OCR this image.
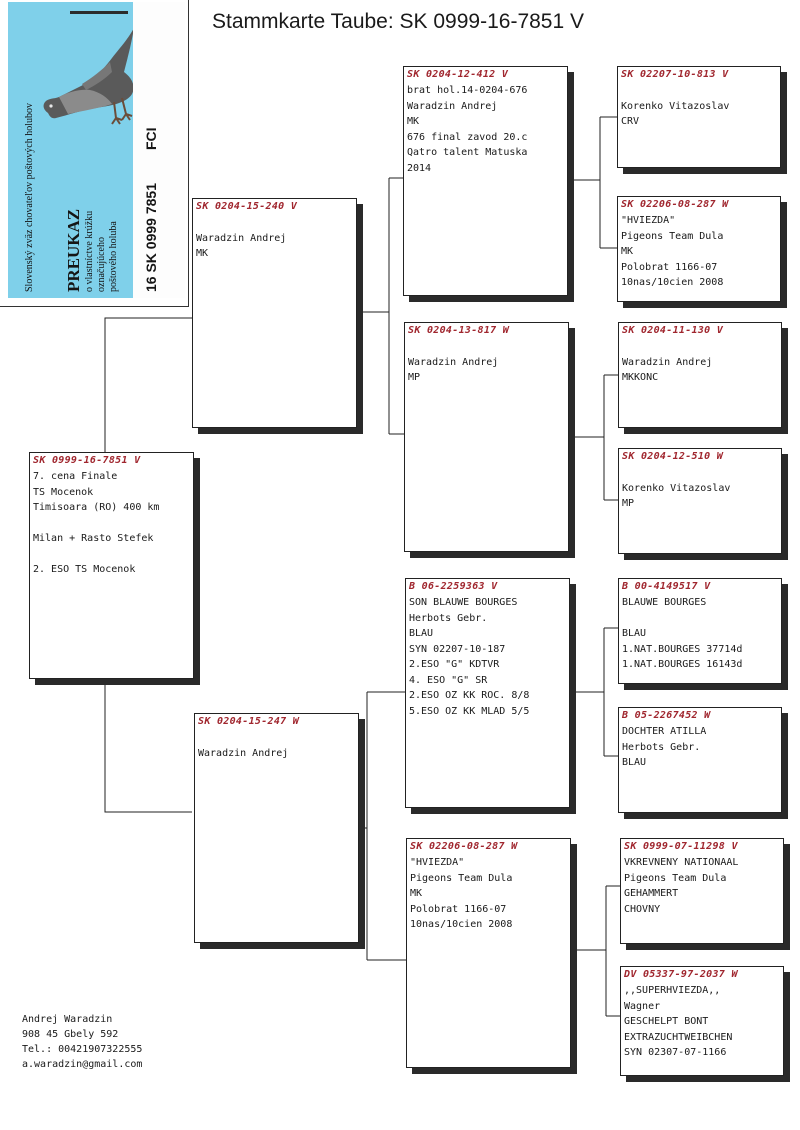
Stammkarte Taube: SK 0999-16-7851 V
Slovenský zväz chovateľov poštových holubov PREUKAZ o vlastníctve krúžku označujúceho poštového holuba 16 SK 0999 7851
FCI
SK 0999-16-7851 V
7. cena Finale
TS Mocenok
Timisoara (RO) 400 km
Milan + Rasto Stefek
2. ESO TS Mocenok
SK 0204-15-240 V
Waradzin Andrej
MK
SK 0204-15-247 W
Waradzin Andrej
SK 0204-12-412 V
brat hol.14-0204-676
Waradzin Andrej
MK
676 final zavod 20.c
Qatro talent Matuska
2014
SK 0204-13-817 W
Waradzin Andrej
MP
B 06-2259363 V
SON BLAUWE BOURGES
Herbots Gebr.
BLAU
SYN 02207-10-187
2.ESO "G" KDTVR
4. ESO "G" SR
2.ESO OZ KK ROC. 8/8
5.ESO OZ KK MLAD 5/5
SK 02206-08-287 W
"HVIEZDA"
Pigeons Team Dula
MK
Polobrat 1166-07
10nas/10cien 2008
SK 02207-10-813 V
Korenko Vitazoslav
CRV
SK 02206-08-287 W
"HVIEZDA"
Pigeons Team Dula
MK
Polobrat 1166-07
10nas/10cien 2008
SK 0204-11-130 V
Waradzin Andrej
MKKONC
SK 0204-12-510 W
Korenko Vitazoslav
MP
B 00-4149517 V
BLAUWE BOURGES
BLAU
1.NAT.BOURGES 37714d
1.NAT.BOURGES 16143d
B 05-2267452 W
DOCHTER ATILLA
Herbots Gebr.
BLAU
SK 0999-07-11298 V
VKREVNENY NATIONAAL
Pigeons Team Dula
GEHAMMERT
CHOVNY
DV 05337-97-2037 W
,,SUPERHVIEZDA,,
Wagner
GESCHELPT BONT
EXTRAZUCHTWEIBCHEN
SYN 02307-07-1166
Andrej Waradzin
908 45 Gbely 592
Tel.: 00421907322555
a.waradzin@gmail.com
